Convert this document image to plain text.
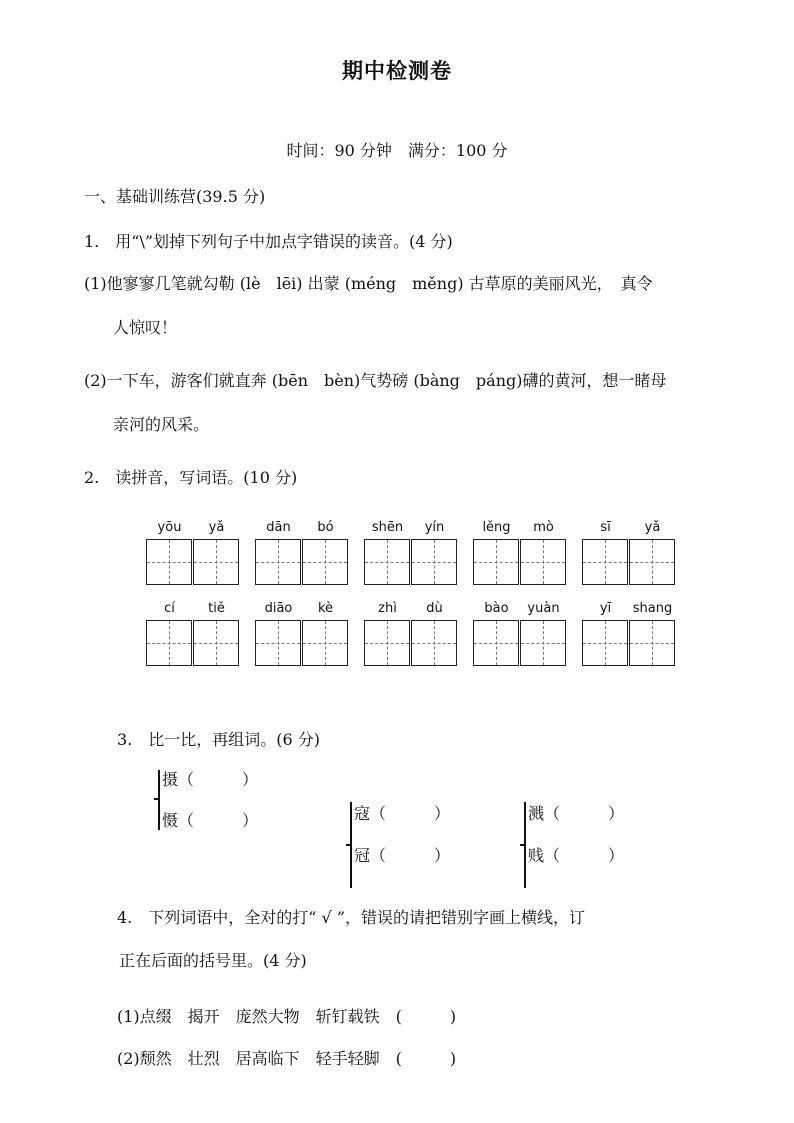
期中检测卷
时间：90 分钟　满分：100 分
一、基础训练营(39.5 分)
1.　用“\”划掉下列句子中加点字错误的读音。(4 分)
(1)他寥寥几笔就勾勒 (lè　lēi) 出蒙 (méng　měng) 古草原的美丽风光，　真令
人惊叹！
(2)一下车，游客们就直奔 (bēn　bèn)气势磅 (bàng　páng)礴的黄河，想一睹母
亲河的风采。
2.　读拼音，写词语。(10 分)
yōu	yǎ	dān	bó	shēn	yín	lěng	mò	sī	yǎ
cí	tiě	diāo	kè	zhì	dù	bào	yuàn	yī	shang
3.　比一比，再组词。(6 分)
摄（　　　）
慑（　　　）	寇（　　　）
冠（　　　）
溅（　　　）
贱（　　　）
4.　下列词语中，全对的打“ √ ”，错误的请把错别字画上横线，订
正在后面的括号里。(4 分)
(1)点缀　揭开　庞然大物　斩钉载铁　(　　　)
(2)颓然　壮烈　居高临下　轻手轻脚　(　　　)
